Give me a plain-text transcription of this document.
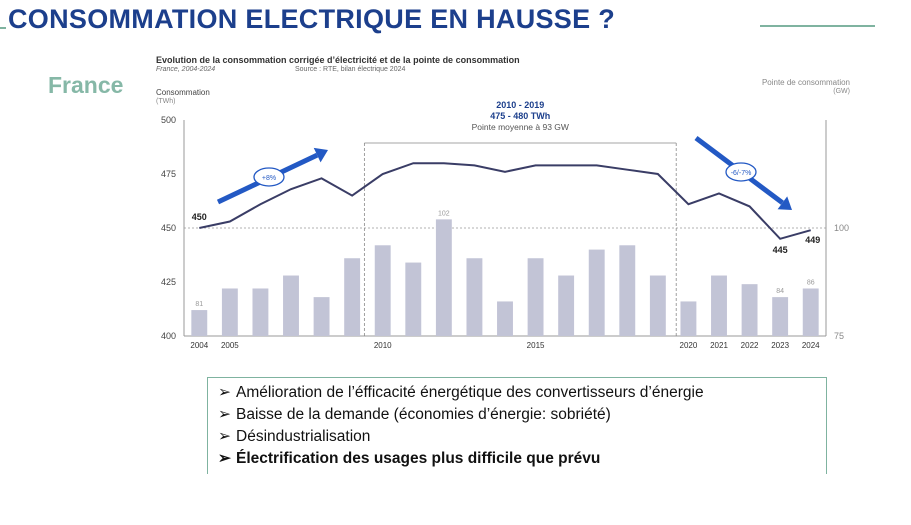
CONSOMMATION ELECTRIQUE EN HAUSSE ?
France
Evolution de la consommation corrigée d’électricité et de la pointe de consommation
France, 2004-2024	Source : RTE, bilan électrique 2024
Consommation
(TWh)
Pointe de consommation
(GW)
400
425
450
475
500
75
100
2010 - 2019
475 - 480 TWh
Pointe moyenne à 93 GW
81
102
84
86
2004 2005	2010	2015	2020 2021 2022 2023 2024
450
445
449
+8%
-6/-7%
➢ Amélioration de l’éfficacité énergétique des convertisseurs d’énergie
➢ Baisse de la demande (économies d’énergie: sobriété)
➢ Désindustrialisation
➢ Électrification des usages plus difficile que prévu
